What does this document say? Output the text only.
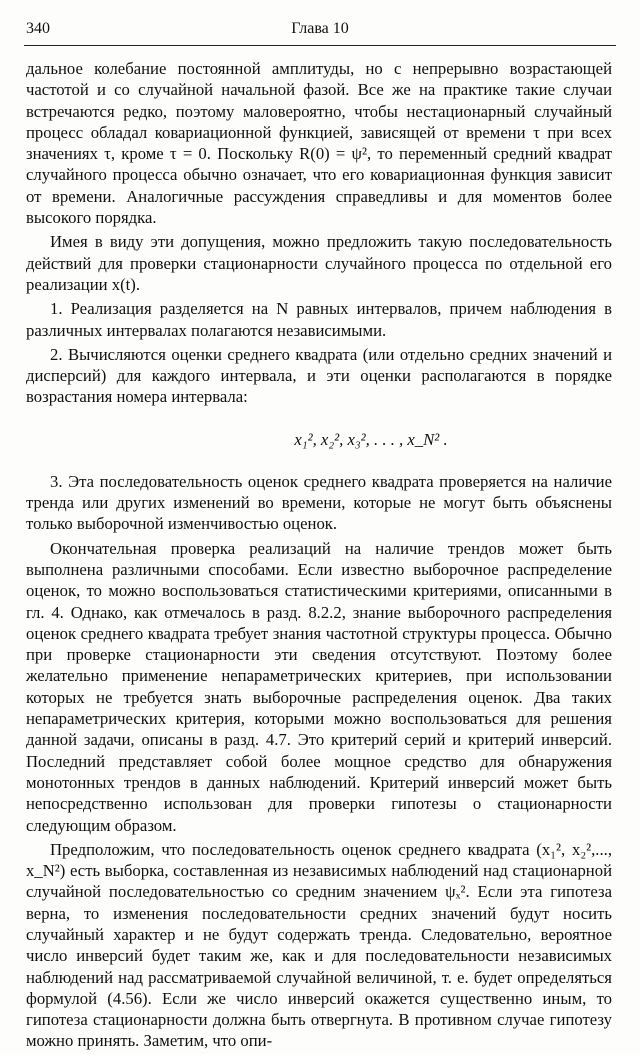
340	Глава 10

дальное колебание постоянной амплитуды, но с непрерывно возрастающей частотой и со случайной начальной фазой. Все же на практике такие случаи встречаются редко, поэтому маловероятно, чтобы нестационарный случайный процесс обладал ковариационной функцией, зависящей от времени τ при всех значениях τ, кроме τ = 0. Поскольку R(0) = ψ², то переменный средний квадрат случайного процесса обычно означает, что его ковариационная функция зависит от времени. Аналогичные рассуждения справедливы и для моментов более высокого порядка.

Имея в виду эти допущения, можно предложить такую последовательность действий для проверки стационарности случайного процесса по отдельной его реализации x(t).

1. Реализация разделяется на N равных интервалов, причем наблюдения в различных интервалах полагаются независимыми.

2. Вычисляются оценки среднего квадрата (или отдельно средних значений и дисперсий) для каждого интервала, и эти оценки располагаются в порядке возрастания номера интервала:

x₁², x₂², x₃², . . . , x_N² .

3. Эта последовательность оценок среднего квадрата проверяется на наличие тренда или других изменений во времени, которые не могут быть объяснены только выборочной изменчивостью оценок.

Окончательная проверка реализаций на наличие трендов может быть выполнена различными способами. Если известно выборочное распределение оценок, то можно воспользоваться статистическими критериями, описанными в гл. 4. Однако, как отмечалось в разд. 8.2.2, знание выборочного распределения оценок среднего квадрата требует знания частотной структуры процесса. Обычно при проверке стационарности эти сведения отсутствуют. Поэтому более желательно применение непараметрических критериев, при использовании которых не требуется знать выборочные распределения оценок. Два таких непараметрических критерия, которыми можно воспользоваться для решения данной задачи, описаны в разд. 4.7. Это критерий серий и критерий инверсий. Последний представляет собой более мощное средство для обнаружения монотонных трендов в данных наблюдений. Критерий инверсий может быть непосредственно использован для проверки гипотезы о стационарности следующим образом.

Предположим, что последовательность оценок среднего квадрата (x₁², x₂²,..., x_N²) есть выборка, составленная из независимых наблюдений над стационарной случайной последовательностью со средним значением ψₓ². Если эта гипотеза верна, то изменения последовательности средних значений будут носить случайный характер и не будут содержать тренда. Следовательно, вероятное число инверсий будет таким же, как и для последовательности независимых наблюдений над рассматриваемой случайной величиной, т. е. будет определяться формулой (4.56). Если же число инверсий окажется существенно иным, то гипотеза стационарности должна быть отвергнута. В противном случае гипотезу можно принять. Заметим, что опи-
